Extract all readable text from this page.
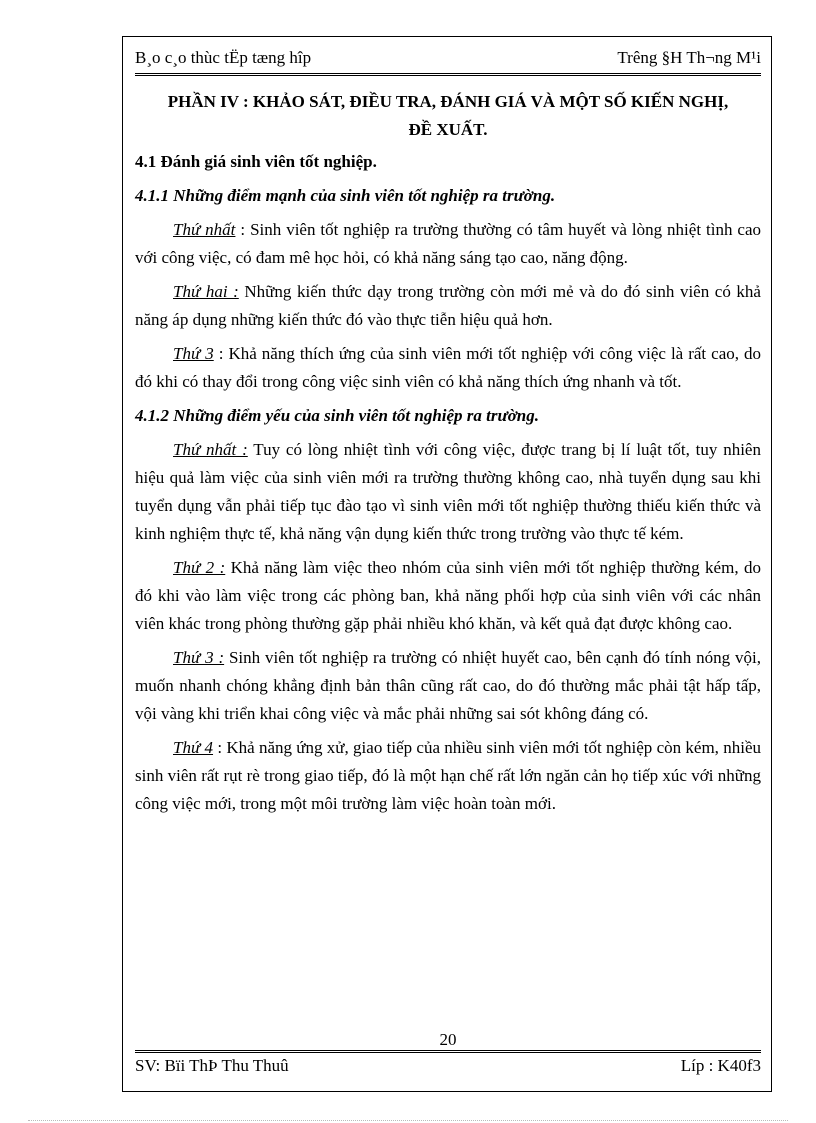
B¸o c¸o thùc tËp tæng hîp	Trêng §H Th¬ng M¹i
PHẦN IV : KHẢO SÁT, ĐIỀU TRA, ĐÁNH GIÁ VÀ MỘT SỐ KIẾN NGHỊ, ĐỀ XUẤT.
4.1 Đánh giá sinh viên tốt nghiệp.
4.1.1 Những điểm mạnh của sinh viên tốt nghiệp ra trường.

Thứ nhất : Sinh viên tốt nghiệp ra trường thường có tâm huyết và lòng nhiệt tình cao với công việc, có đam mê học hỏi, có khả năng sáng tạo cao, năng động.

Thứ hai : Những kiến thức dạy trong trường còn mới mẻ và do đó sinh viên có khả năng áp dụng những kiến thức đó vào thực tiễn hiệu quả hơn.

Thứ 3 : Khả năng thích ứng của sinh viên mới tốt nghiệp với công việc là rất cao, do đó khi có thay đổi trong công việc sinh viên có khả năng thích ứng nhanh và tốt.

4.1.2 Những điểm yếu của sinh viên tốt nghiệp ra trường.

Thứ nhất : Tuy có lòng nhiệt tình với công việc, được trang bị lí luật tốt, tuy nhiên hiệu quả làm việc của sinh viên mới ra trường thường không cao, nhà tuyển dụng sau khi tuyển dụng vẫn phải tiếp tục đào tạo vì sinh viên mới tốt nghiệp thường thiếu kiến thức và kinh nghiệm thực tế, khả năng vận dụng kiến thức trong trường vào thực tế kém.

Thứ 2 : Khả năng làm việc theo nhóm của sinh viên mới tốt nghiệp thường kém, do đó khi vào làm việc trong các phòng ban, khả năng phối hợp của sinh viên với các nhân viên khác trong phòng thường gặp phải nhiều khó khăn, và kết quả đạt được không cao.

Thứ 3 : Sinh viên tốt nghiệp ra trường có nhiệt huyết cao, bên cạnh đó tính nóng vội, muốn nhanh chóng khẳng định bản thân cũng rất cao, do đó thường mắc phải tật hấp tấp, vội vàng khi triển khai công việc và mắc phải những sai sót không đáng có.

Thứ 4 : Khả năng ứng xử, giao tiếp của nhiều sinh viên mới tốt nghiệp còn kém, nhiều sinh viên rất rụt rè trong giao tiếp, đó là một hạn chế rất lớn ngăn cản họ tiếp xúc với những công việc mới, trong một môi trường làm việc hoàn toàn mới.

20
SV: Bïi ThÞ Thu Thuû	Líp : K40f3
